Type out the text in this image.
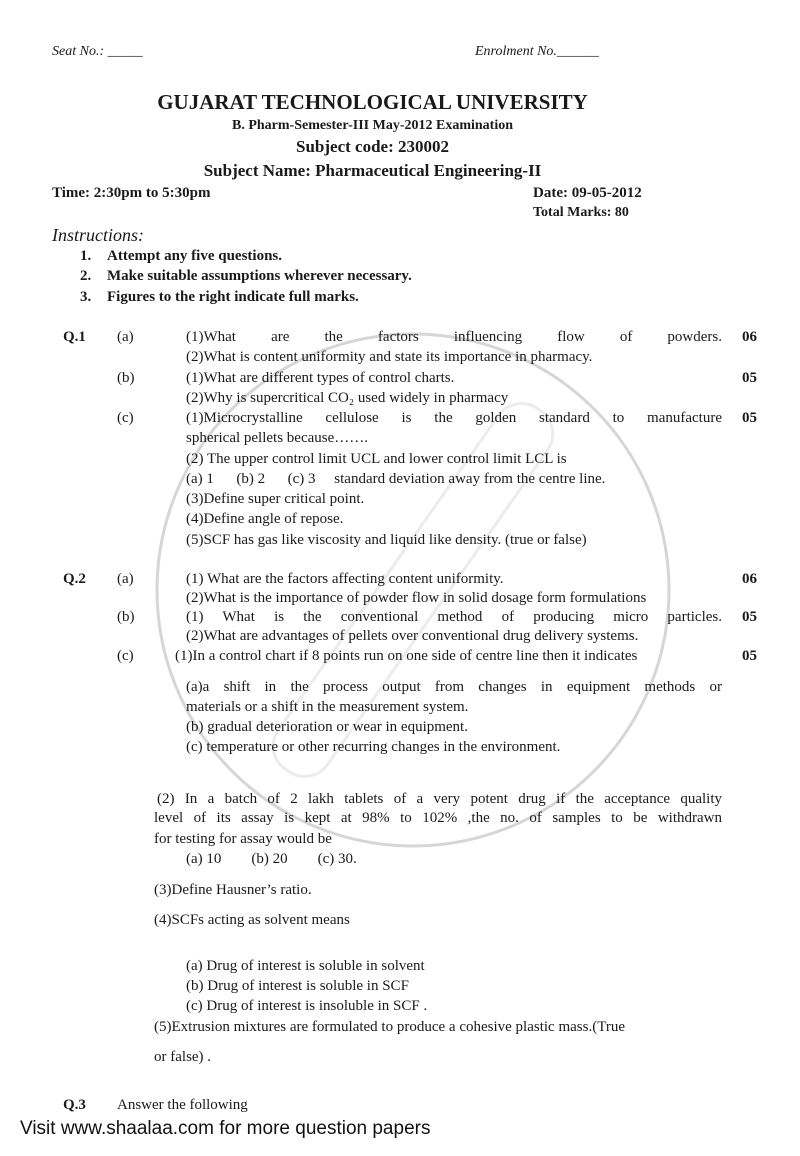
Seat No.: _____	Enrolment No.______
GUJARAT TECHNOLOGICAL UNIVERSITY
B. Pharm-Semester-III May-2012 Examination
Subject code: 230002
Subject Name: Pharmaceutical Engineering-II
Time: 2:30pm to 5:30pm	Date: 09-05-2012
Total Marks: 80
Instructions:
1. Attempt any five questions.
2. Make suitable assumptions wherever necessary.
3. Figures to the right indicate full marks.
Q.1 (a)	(1)What are the factors influencing flow of powders. 06
(2)What is content uniformity and state its importance in pharmacy.
(b)	(1)What are different types of control charts.	05
(2)Why is supercritical CO₂ used widely in pharmacy
(c)	(1)Microcrystalline cellulose is the golden standard to manufacture 05
spherical pellets because…….
(2) The upper control limit UCL and lower control limit LCL is
(a) 1      (b) 2      (c) 3     standard deviation away from the centre line.
(3)Define super critical point.
(4)Define angle of repose.
(5)SCF has gas like viscosity and liquid like density. (true or false)
Q.2 (a)	(1) What are the factors affecting content uniformity.	06
(2)What is the importance of powder flow in solid dosage form formulations
(b)	(1) What is the conventional method of producing micro particles. 05
(2)What are advantages of pellets over conventional drug delivery systems.
(c)	(1)In a control chart if 8 points run on one side of centre line then it indicates	05
(a)a shift in the process output from changes in equipment methods or
materials or a shift in the measurement system.
(b) gradual deterioration or wear in equipment.
(c) temperature or other recurring changes in the environment.
(2) In a batch of 2 lakh tablets of a very potent drug if the acceptance quality
level of its assay is kept at 98% to 102% ,the no. of samples to be withdrawn
for testing for assay would be
(a) 10        (b) 20        (c) 30.
(3)Define Hausner’s ratio.
(4)SCFs acting as solvent means
(a) Drug of interest is soluble in solvent
(b) Drug of interest is soluble in SCF
(c) Drug of interest is insoluble in SCF .
(5)Extrusion mixtures are formulated to produce a cohesive plastic mass.(True
or false) .
Q.3 Answer the following
Visit www.shaalaa.com for more question papers
